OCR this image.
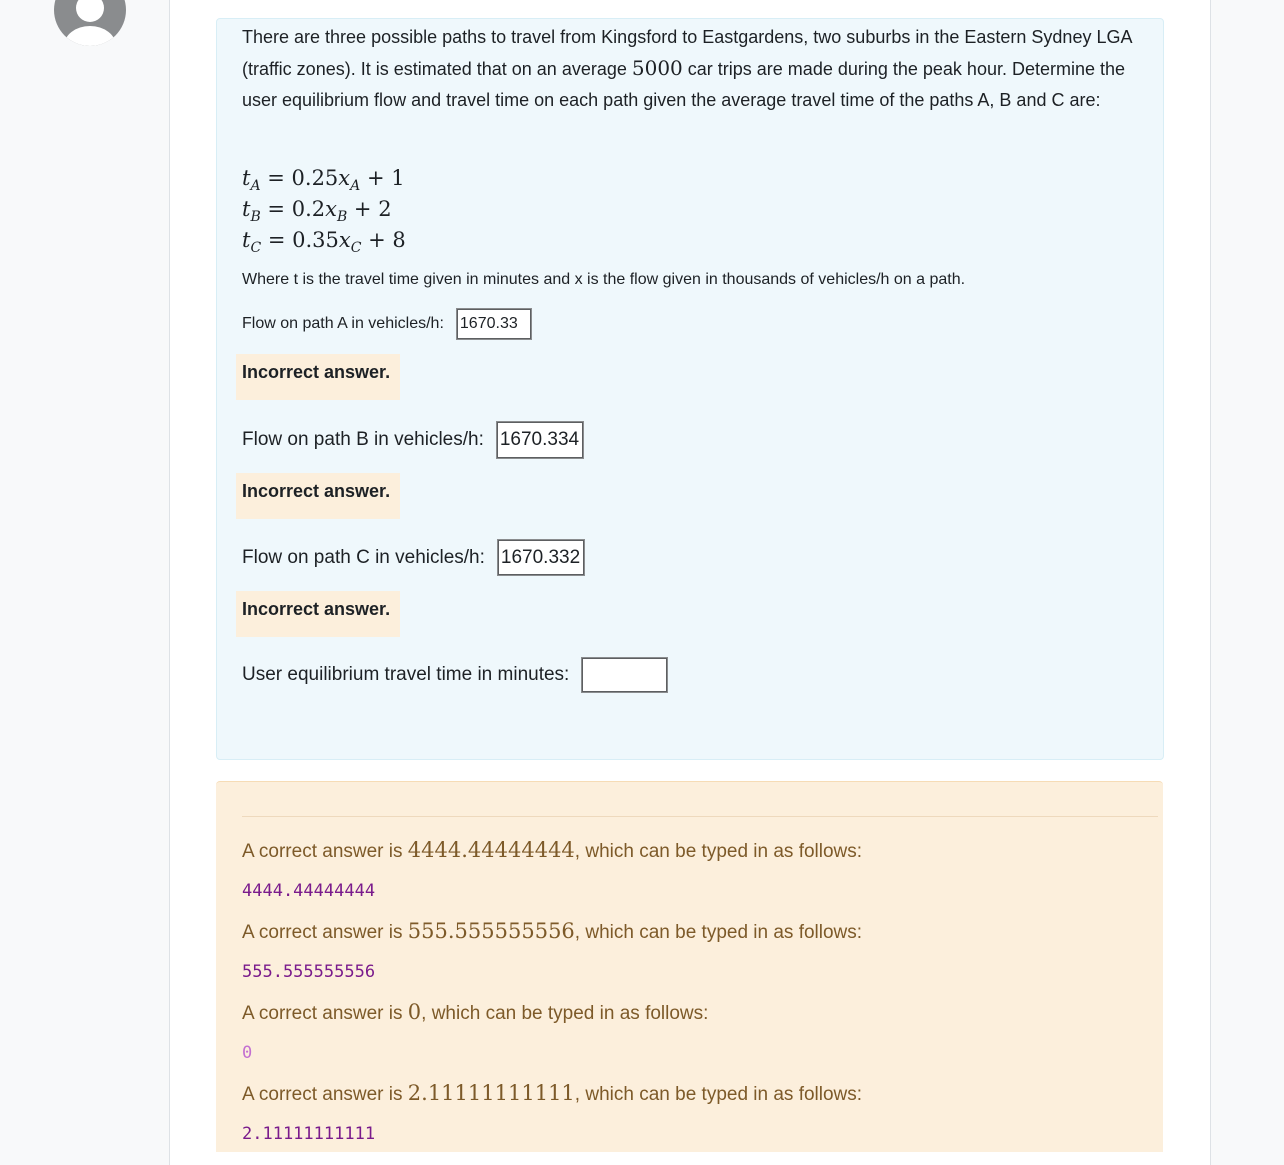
There are three possible paths to travel from Kingsford to Eastgardens, two suburbs in the Eastern Sydney LGA (traffic zones). It is estimated that on an average 5000 car trips are made during the peak hour. Determine the user equilibrium flow and travel time on each path given the average travel time of the paths A, B and C are:
$t_A = 0.25x_A + 1$
$t_B = 0.2x_B + 2$
$t_C = 0.35x_C + 8$
Where t is the travel time given in minutes and x is the flow given in thousands of vehicles/h on a path.
Flow on path A in vehicles/h:
1670.33
Incorrect answer.
Flow on path B in vehicles/h:
1670.334
Incorrect answer.
Flow on path C in vehicles/h:
1670.332
Incorrect answer.
User equilibrium travel time in minutes:
A correct answer is 4444.44444444, which can be typed in as follows:
4444.44444444
A correct answer is 555.555555556, which can be typed in as follows:
555.555555556
A correct answer is 0, which can be typed in as follows:
0
A correct answer is 2.11111111111, which can be typed in as follows:
2.11111111111
